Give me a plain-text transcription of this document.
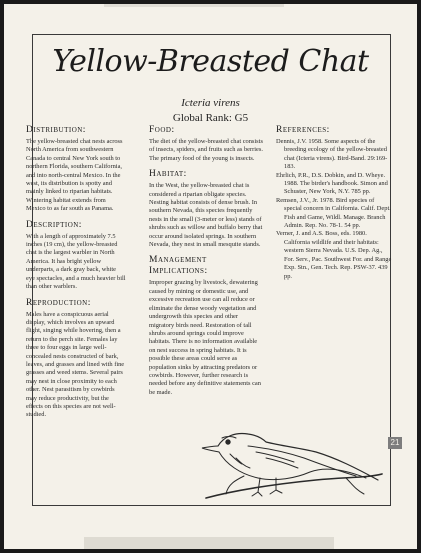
Yellow-Breasted Chat
Icteria virens
Global Rank: G5
Distribution:

The yellow-breasted chat nests across North America from southwestern Canada to central New York south to northern Florida, southern California, and into north-central Mexico. In the west, its distribution is spotty and mainly linked to riparian habitats. Wintering habitat extends from Mexico to as far south as Panama.

Description:

With a length of approximately 7.5 inches (19 cm), the yellow-breasted chat is the largest warbler in North America. It has bright yellow underparts, a dark gray back, white eye spectacles, and a much heavier bill than other warblers.

Reproduction:

Males have a conspicuous aerial display, which involves an upward flight, singing while hovering, then a return to the perch site. Females lay three to four eggs in large well-concealed nests constructed of bark, leaves, and grasses and lined with fine grasses and weed stems. Several pairs may nest in close proximity to each other. Nest parasitism by cowbirds may reduce productivity, but the effects on this species are not well-studied.

Food:

The diet of the yellow-breasted chat consists of insects, spiders, and fruits such as berries. The primary food of the young is insects.

Habitat:

In the West, the yellow-breasted chat is considered a riparian obligate species. Nesting habitat consists of dense brush. In southern Nevada, this species frequently nests in the small (3-meter or less) stands of shrubs such as willow and buffalo berry that occur around isolated springs. In southern Nevada, they nest in small mesquite stands.

Management Implications:

Improper grazing by livestock, dewatering caused by mining or domestic use, and excessive recreation use can all reduce or eliminate the dense woody vegetation and undergrowth this species and other migratory birds need. Restoration of tall shrubs around springs could improve habitats. There is no information available on nest success in spring habitats. It is possible these areas could serve as population sinks by attracting predators or cowbirds. However, further research is needed before any definitive statements can be made.

References:

Dennis, J.V. 1958. Some aspects of the breeding ecology of the yellow-breasted chat (Icteria virens). Bird-Band. 29:169-183.

Ehrlich, P.R., D.S. Dobkin, and D. Wheye. 1988. The birder's handbook. Simon and Schuster, New York, N.Y. 785 pp.

Remsen, J.V., Jr. 1978. Bird species of special concern in California. Calif. Dept. Fish and Game, Wildl. Manage. Branch Admin. Rep. No. 78-1. 54 pp.

Verner, J. and A.S. Boss, eds. 1980. California wildlife and their habitats: western Sierra Nevada. U.S. Dep. Ag., For. Serv., Pac. Southwest For. and Range Exp. Stn., Gen. Tech. Rep. PSW-37. 439 pp.

21
